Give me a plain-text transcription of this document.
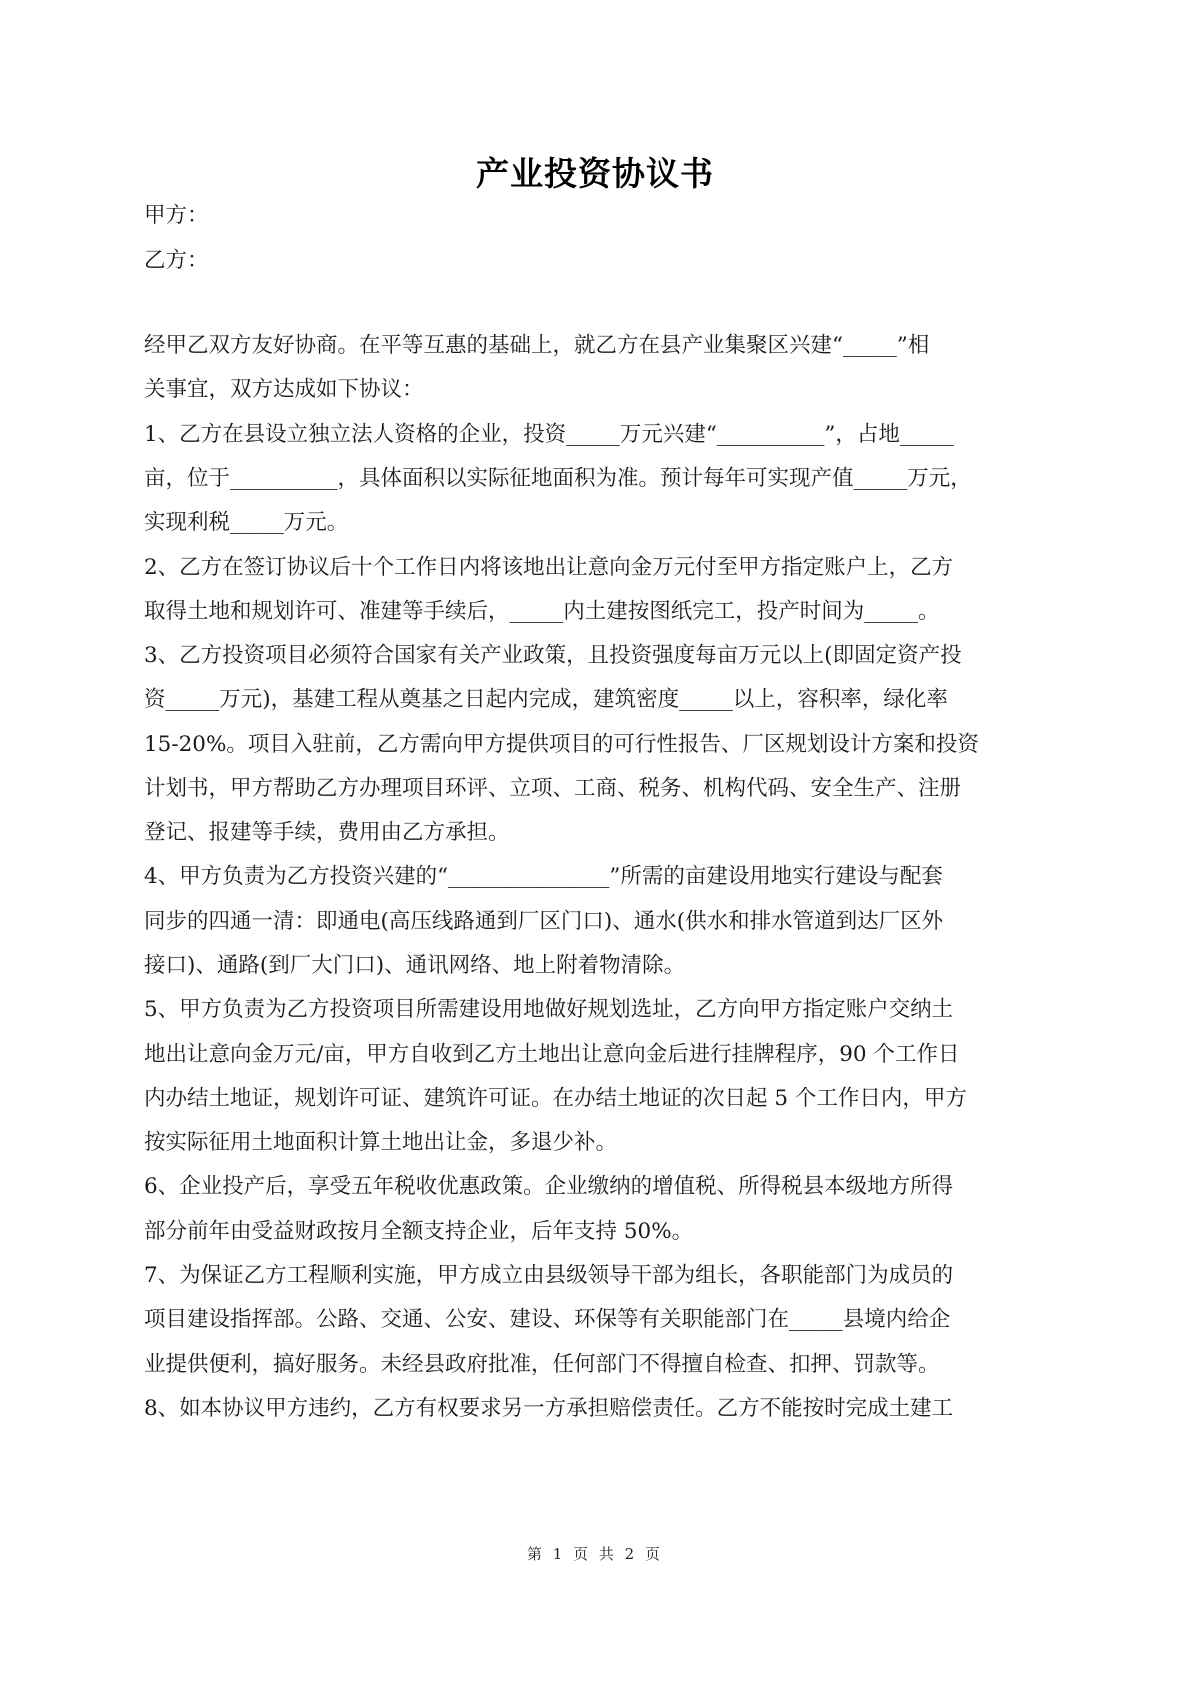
产业投资协议书
甲方：
乙方：
经甲乙双方友好协商。在平等互惠的基础上，就乙方在县产业集聚区兴建“_____”相
关事宜，双方达成如下协议：
1、乙方在县设立独立法人资格的企业，投资_____万元兴建“__________”，占地_____
亩，位于__________，具体面积以实际征地面积为准。预计每年可实现产值_____万元，
实现利税_____万元。
2、乙方在签订协议后十个工作日内将该地出让意向金万元付至甲方指定账户上，乙方
取得土地和规划许可、准建等手续后，_____内土建按图纸完工，投产时间为_____。
3、乙方投资项目必须符合国家有关产业政策，且投资强度每亩万元以上(即固定资产投
资_____万元)，基建工程从奠基之日起内完成，建筑密度_____以上，容积率，绿化率
15-20%。项目入驻前，乙方需向甲方提供项目的可行性报告、厂区规划设计方案和投资
计划书，甲方帮助乙方办理项目环评、立项、工商、税务、机构代码、安全生产、注册
登记、报建等手续，费用由乙方承担。
4、甲方负责为乙方投资兴建的“_______________”所需的亩建设用地实行建设与配套
同步的四通一清：即通电(高压线路通到厂区门口)、通水(供水和排水管道到达厂区外
接口)、通路(到厂大门口)、通讯网络、地上附着物清除。
5、甲方负责为乙方投资项目所需建设用地做好规划选址，乙方向甲方指定账户交纳土
地出让意向金万元/亩，甲方自收到乙方土地出让意向金后进行挂牌程序，90 个工作日
内办结土地证，规划许可证、建筑许可证。在办结土地证的次日起 5 个工作日内，甲方
按实际征用土地面积计算土地出让金，多退少补。
6、企业投产后，享受五年税收优惠政策。企业缴纳的增值税、所得税县本级地方所得
部分前年由受益财政按月全额支持企业，后年支持 50%。
7、为保证乙方工程顺利实施，甲方成立由县级领导干部为组长，各职能部门为成员的
项目建设指挥部。公路、交通、公安、建设、环保等有关职能部门在_____县境内给企
业提供便利，搞好服务。未经县政府批准，任何部门不得擅自检查、扣押、罚款等。
8、如本协议甲方违约，乙方有权要求另一方承担赔偿责任。乙方不能按时完成土建工
第 1 页 共 2 页
